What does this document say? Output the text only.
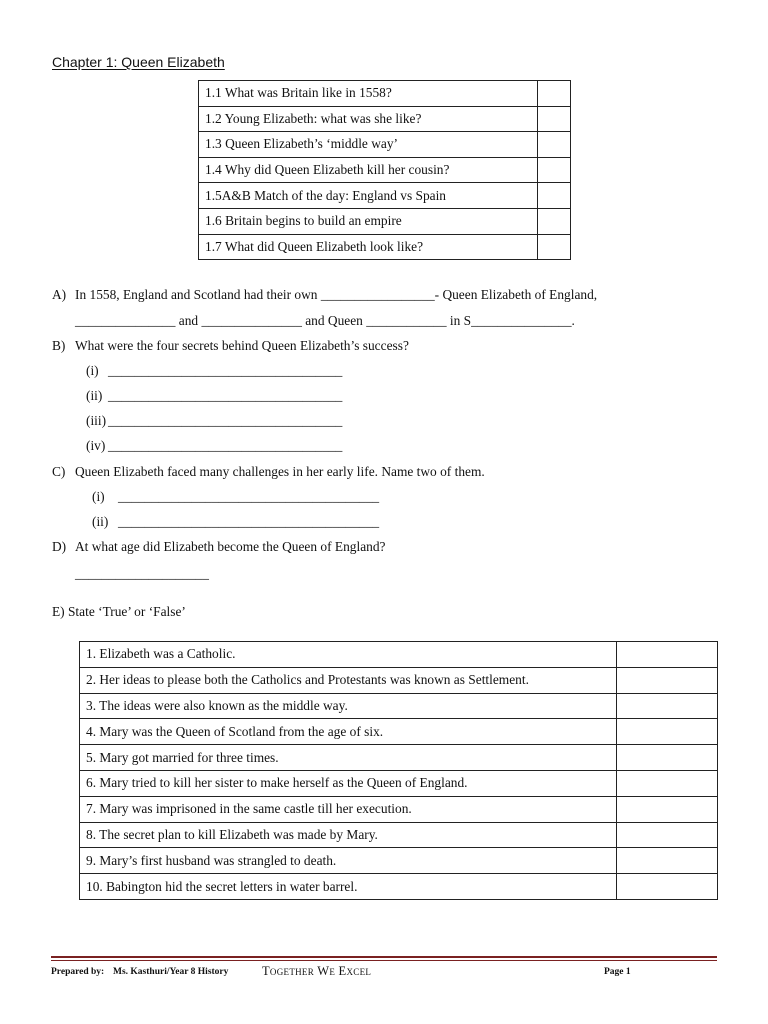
Chapter 1: Queen Elizabeth
1.1 What was Britain like in 1558?	
1.2 Young Elizabeth: what was she like?	
1.3 Queen Elizabeth’s ‘middle way’	
1.4 Why did Queen Elizabeth kill her cousin?	
1.5A&B Match of the day: England vs Spain	
1.6 Britain begins to build an empire	
1.7 What did Queen Elizabeth look like?	
A) In 1558, England and Scotland had their own _________________- Queen Elizabeth of England,
_______________ and _______________ and Queen ____________ in S_______________.
B) What were the four secrets behind Queen Elizabeth’s success?
(i) ___________________________________
(ii) ___________________________________
(iii) ___________________________________
(iv) ___________________________________
C) Queen Elizabeth faced many challenges in her early life. Name two of them.
(i) _______________________________________
(ii) _______________________________________
D) At what age did Elizabeth become the Queen of England?
____________________
E) State ‘True’ or ‘False’
1. Elizabeth was a Catholic.	
2. Her ideas to please both the Catholics and Protestants was known as Settlement.	
3. The ideas were also known as the middle way.	
4. Mary was the Queen of Scotland from the age of six.	
5. Mary got married for three times.	
6. Mary tried to kill her sister to make herself as the Queen of England.	
7. Mary was imprisoned in the same castle till her execution.	
8. The secret plan to kill Elizabeth was made by Mary.	
9. Mary’s first husband was strangled to death.	
10. Babington hid the secret letters in water barrel.	
Prepared by: Ms. Kasthuri/Year 8 History	Together We Excel	Page 1
